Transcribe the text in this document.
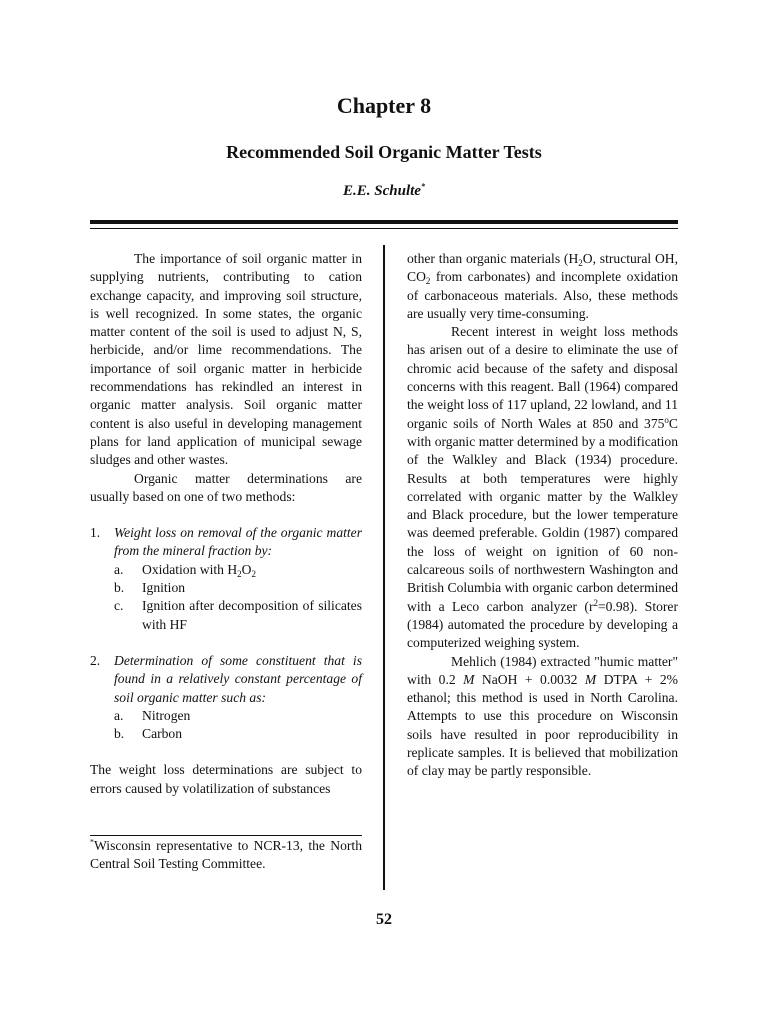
Chapter 8
Recommended Soil Organic Matter Tests
E.E. Schulte*

The importance of soil organic matter in supplying nutrients, contributing to cation exchange capacity, and improving soil structure, is well recognized. In some states, the organic matter content of the soil is used to adjust N, S, herbicide, and/or lime recommendations. The importance of soil organic matter in herbicide recommendations has rekindled an interest in organic matter analysis. Soil organic matter content is also useful in developing management plans for land application of municipal sewage sludges and other wastes.

Organic matter determinations are usually based on one of two methods:

1. Weight loss on removal of the organic matter from the mineral fraction by:
a. Oxidation with $H_2O_2$
b. Ignition
c. Ignition after decomposition of silicates with HF
2. Determination of some constituent that is found in a relatively constant percentage of soil organic matter such as:
a. Nitrogen
b. Carbon

The weight loss determinations are subject to errors caused by volatilization of substances

*Wisconsin representative to NCR-13, the North Central Soil Testing Committee.

other than organic materials ($H_2O$, structural OH, $CO_2$ from carbonates) and incomplete oxidation of carbonaceous materials. Also, these methods are usually very time-consuming.

Recent interest in weight loss methods has arisen out of a desire to eliminate the use of chromic acid because of the safety and disposal concerns with this reagent. Ball (1964) compared the weight loss of 117 upland, 22 lowland, and 11 organic soils of North Wales at 850 and 375$^o$C with organic matter determined by a modification of the Walkley and Black (1934) procedure. Results at both temperatures were highly correlated with organic matter by the Walkley and Black procedure, but the lower temperature was deemed preferable. Goldin (1987) compared the loss of weight on ignition of 60 non-calcareous soils of northwestern Washington and British Columbia with organic carbon determined with a Leco carbon analyzer $(r^2=0.98)$. Storer (1984) automated the procedure by developing a computerized weighing system.

Mehlich (1984) extracted "humic matter" with 0.2 M NaOH + 0.0032 M DTPA + 2% ethanol; this method is used in North Carolina. Attempts to use this procedure on Wisconsin soils have resulted in poor reproducibility in replicate samples. It is believed that mobilization of clay may be partly responsible.

52
